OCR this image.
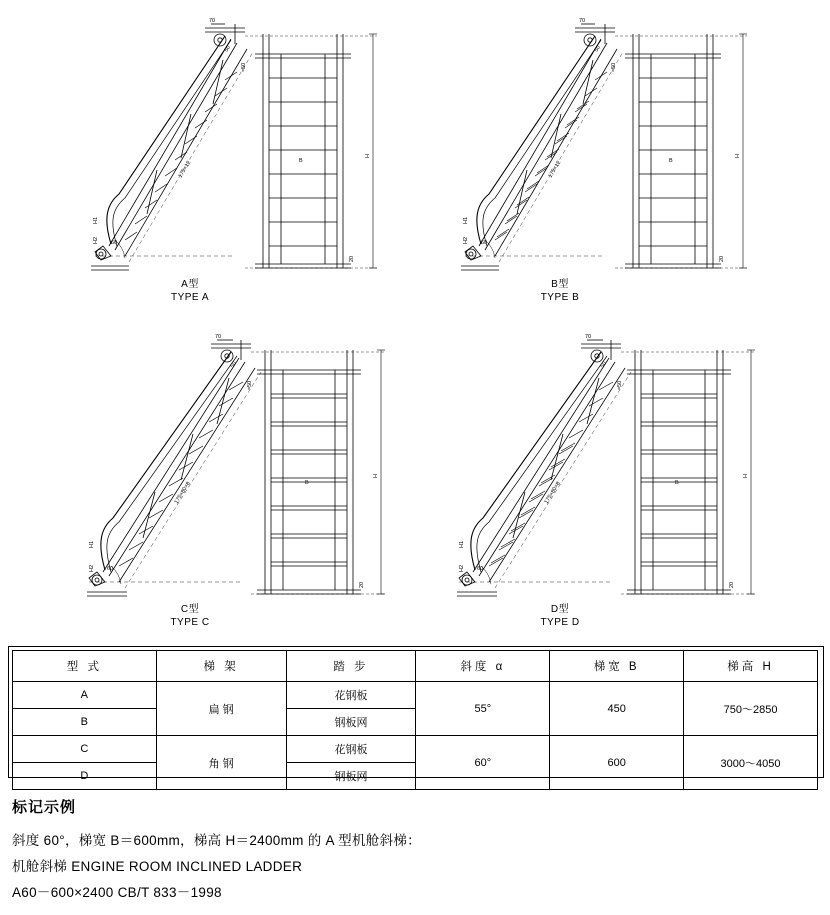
70
50
≈50
175×12
H1
H2 60
H
B
20
A型
TYPE A
70
50
≈50
175×12
H1
H2 60
H
B
20
B型
TYPE B
70
50
≈50
175×80×8
H1
H2 60
H
B
20
C型
TYPE C
70
50
≈50
175×80×8
H1
H2 60
H
B
20
D型
TYPE D
型 式	梯 架	踏 步	斜度 α	梯宽 B	梯高 H
A	扁 钢	花钢板	55°	450	750～2850
B		钢板网			
C	角 钢	花钢板	60°	600	3000～4050
D		钢板网			
标记示例
斜度 60°，梯宽 B＝600mm，梯高 H＝2400mm 的 A 型机舱斜梯：
机舱斜梯 ENGINE ROOM INCLINED LADDER
A60－600×2400 CB/T 833－1998
